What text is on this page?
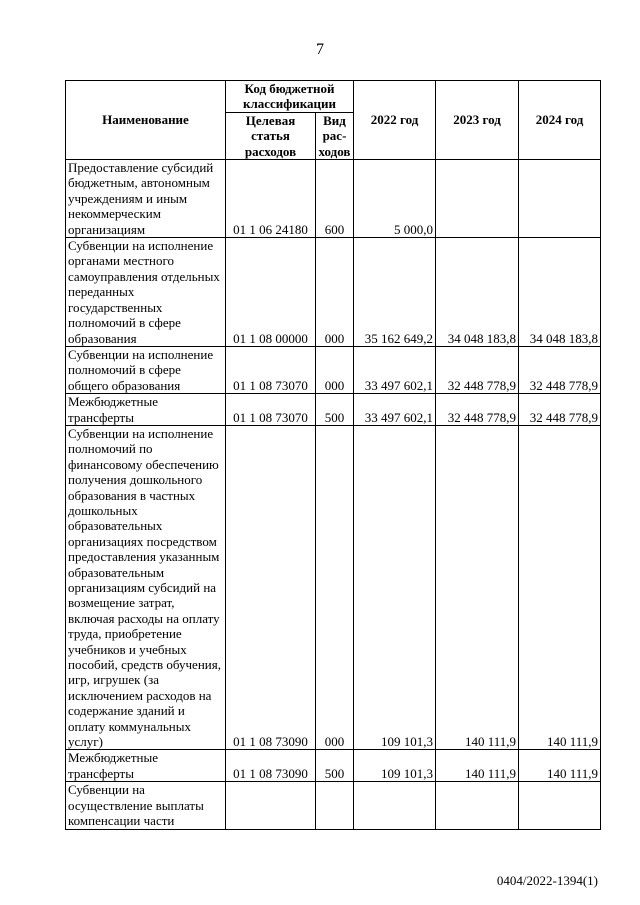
7
Наименование	Код бюджетной классификации		2022 год	2023 год	2024 год
	Целевая статья расходов	Вид рас-ходов			
Предоставление субсидий бюджетным, автономным учреждениям и иным некоммерческим организациям	01 1 06 24180	600	5 000,0		
Субвенции на исполнение органами местного самоуправления отдельных переданных государственных полномочий в сфере образования	01 1 08 00000	000	35 162 649,2	34 048 183,8	34 048 183,8
Субвенции на исполнение полномочий в сфере общего образования	01 1 08 73070	000	33 497 602,1	32 448 778,9	32 448 778,9
Межбюджетные трансферты	01 1 08 73070	500	33 497 602,1	32 448 778,9	32 448 778,9
Субвенции на исполнение полномочий по финансовому обеспечению получения дошкольного образования в частных дошкольных образовательных организациях посредством предоставления указанным образовательным организациям субсидий на возмещение затрат, включая расходы на оплату труда, приобретение учебников и учебных пособий, средств обучения, игр, игрушек (за исключением расходов на содержание зданий и оплату коммунальных услуг)	01 1 08 73090	000	109 101,3	140 111,9	140 111,9
Межбюджетные трансферты	01 1 08 73090	500	109 101,3	140 111,9	140 111,9
Субвенции на осуществление выплаты компенсации части					
0404/2022-1394(1)
